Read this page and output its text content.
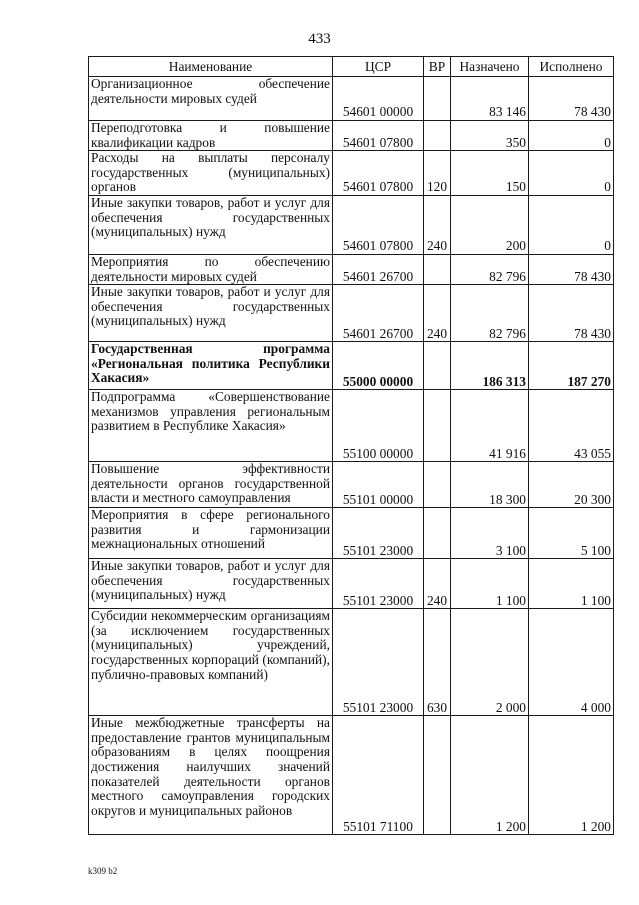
433
Наименование	ЦСР	ВР	Назначено	Исполнено
Организационное обеспечение деятельности мировых судей	54601 00000		83 146	78 430
Переподготовка и повышение квалификации кадров	54601 07800		350	0
Расходы на выплаты персоналу государственных (муниципальных) органов	54601 07800	120	150	0
Иные закупки товаров, работ и услуг для обеспечения государственных (муниципальных) нужд	54601 07800	240	200	0
Мероприятия по обеспечению деятельности мировых судей	54601 26700		82 796	78 430
Иные закупки товаров, работ и услуг для обеспечения государственных (муниципальных) нужд	54601 26700	240	82 796	78 430
Государственная программа «Региональная политика Республики Хакасия»	55000 00000		186 313	187 270
Подпрограмма «Совершенствование механизмов управления региональным развитием в Республике Хакасия»	55100 00000		41 916	43 055
Повышение эффективности деятельности органов государственной власти и местного самоуправления	55101 00000		18 300	20 300
Мероприятия в сфере регионального развития и гармонизации межнациональных отношений	55101 23000		3 100	5 100
Иные закупки товаров, работ и услуг для обеспечения государственных (муниципальных) нужд	55101 23000	240	1 100	1 100
Субсидии некоммерческим организациям (за исключением государственных (муниципальных) учреждений, государственных корпораций (компаний), публично-правовых компаний)	55101 23000	630	2 000	4 000
Иные межбюджетные трансферты на предоставление грантов муниципальным образованиям в целях поощрения достижения наилучших значений показателей деятельности органов местного самоуправления городских округов и муниципальных районов	55101 71100		1 200	1 200
k309 b2
